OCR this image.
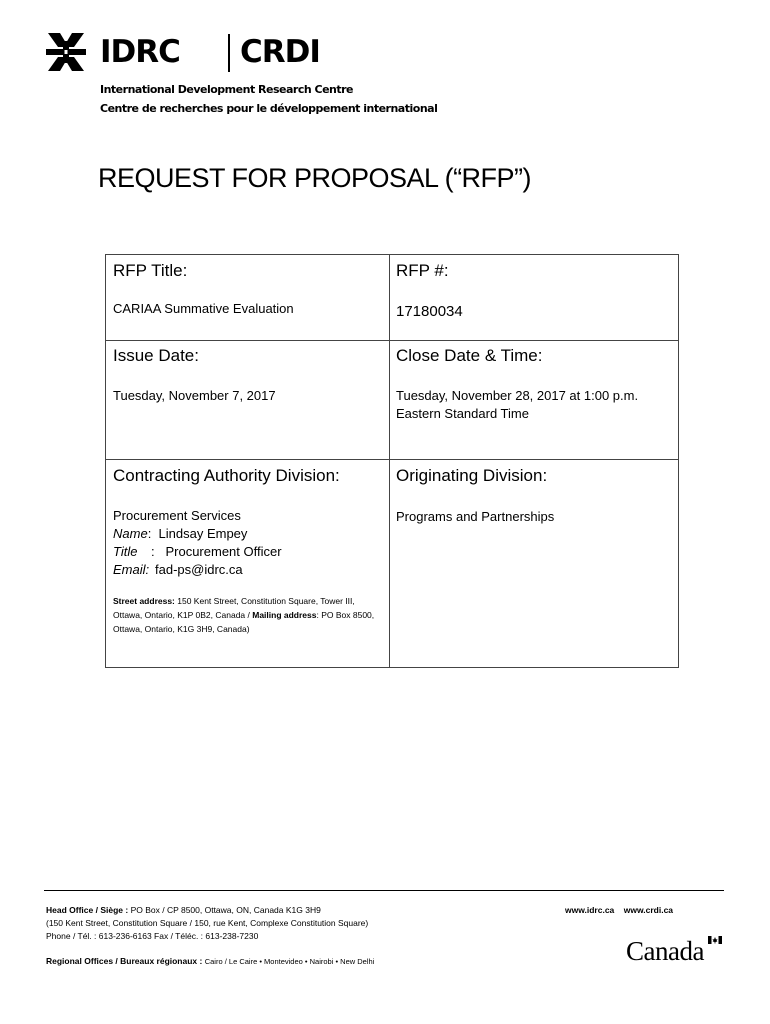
IDRC CRDI
International Development Research Centre
Centre de recherches pour le développement international
REQUEST FOR PROPOSAL (“RFP”)
RFP Title:
CARIAA Summative Evaluation
RFP #:
17180034
Issue Date:
Tuesday, November 7, 2017
Close Date & Time:
Tuesday, November 28, 2017 at 1:00 p.m.
Eastern Standard Time
Contracting Authority Division:
Procurement Services
Name:  Lindsay Empey
Title : Procurement Officer
Email: fad-ps@idrc.ca
Street address: 150 Kent Street, Constitution Square, Tower III, Ottawa, Ontario, K1P 0B2, Canada / Mailing address: PO Box 8500, Ottawa, Ontario, K1G 3H9, Canada)
Originating Division:
Programs and Partnerships
Head Office / Siège : PO Box / CP 8500, Ottawa, ON, Canada K1G 3H9
(150 Kent Street, Constitution Square / 150, rue Kent, Complexe Constitution Square)
Phone / Tél. : 613-236-6163 Fax / Téléc. : 613-238-7230
Regional Offices / Bureaux régionaux : Cairo / Le Caire • Montevideo • Nairobi • New Delhi
www.idrc.ca www.crdi.ca
Canada
